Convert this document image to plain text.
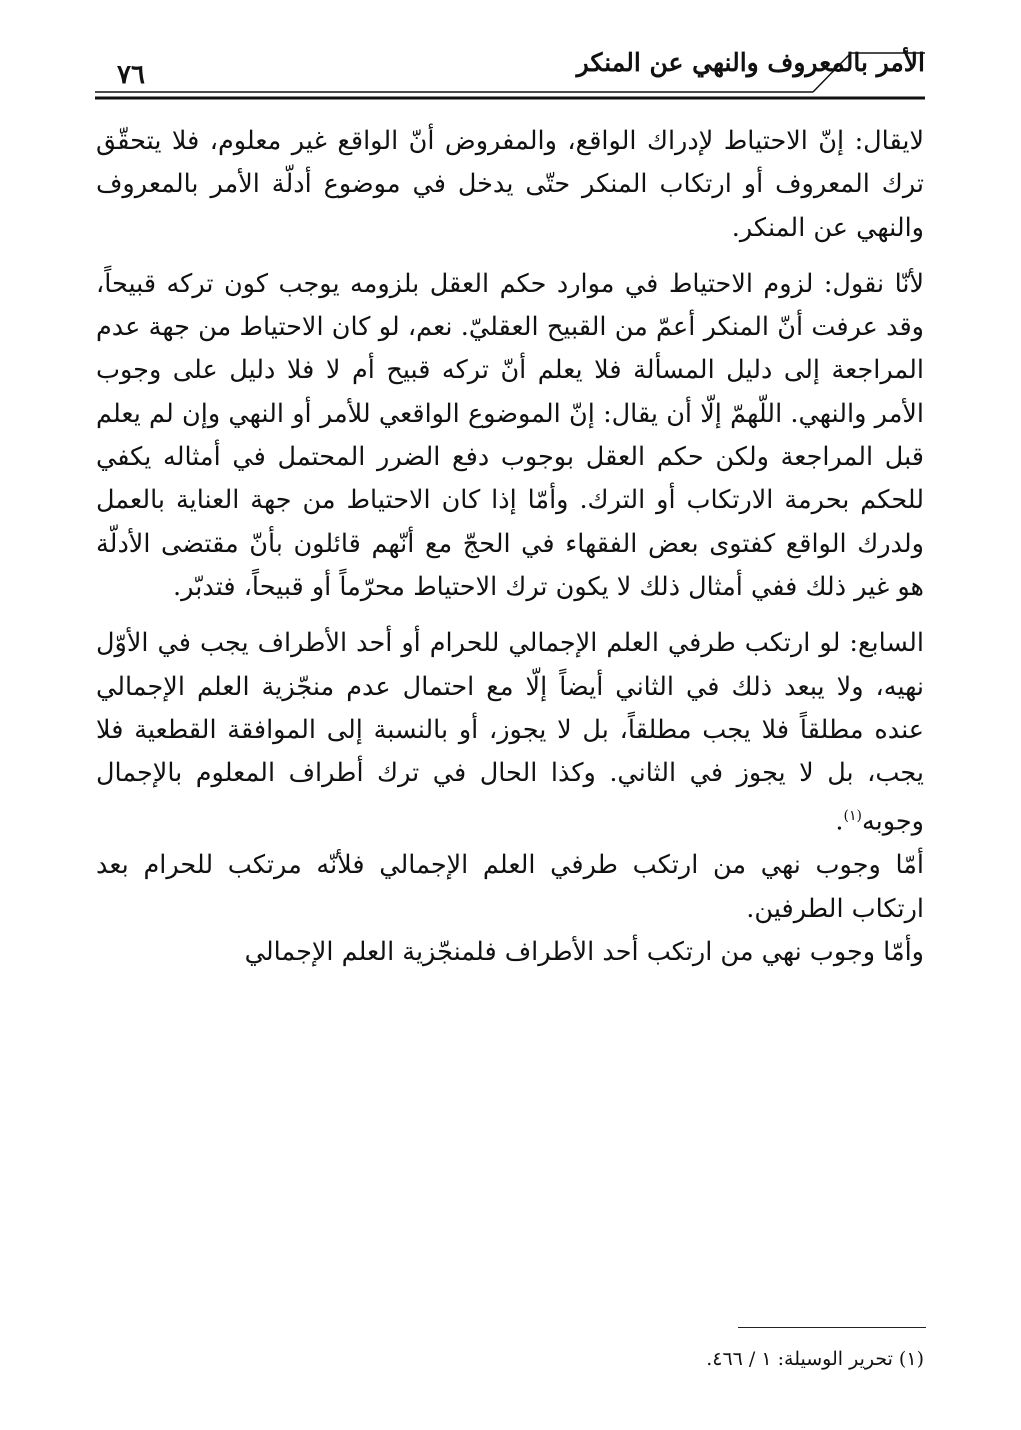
الأمر بالمعروف والنهي عن المنكر
٧٦

لايقال: إنّ الاحتياط لإدراك الواقع، والمفروض أنّ الواقع غير معلوم، فلا يتحقّق ترك المعروف أو ارتكاب المنكر حتّى يدخل في موضوع أدلّة الأمر بالمعروف والنهي عن المنكر.

لأنّا نقول: لزوم الاحتياط في موارد حكم العقل بلزومه يوجب كون تركه قبيحاً، وقد عرفت أنّ المنكر أعمّ من القبيح العقليّ. نعم، لو كان الاحتياط من جهة عدم المراجعة إلى دليل المسألة فلا يعلم أنّ تركه قبيح أم لا فلا دليل على وجوب الأمر والنهي. اللّهمّ إلّا أن يقال: إنّ الموضوع الواقعي للأمر أو النهي وإن لم يعلم قبل المراجعة ولكن حكم العقل بوجوب دفع الضرر المحتمل في أمثاله يكفي للحكم بحرمة الارتكاب أو الترك. وأمّا إذا كان الاحتياط من جهة العناية بالعمل ولدرك الواقع كفتوى بعض الفقهاء في الحجّ مع أنّهم قائلون بأنّ مقتضى الأدلّة هو غير ذلك ففي أمثال ذلك لا يكون ترك الاحتياط محرّماً أو قبيحاً، فتدبّر.

السابع: لو ارتكب طرفي العلم الإجمالي للحرام أو أحد الأطراف يجب في الأوّل نهيه، ولا يبعد ذلك في الثاني أيضاً إلّا مع احتمال عدم منجّزية العلم الإجمالي عنده مطلقاً فلا يجب مطلقاً، بل لا يجوز، أو بالنسبة إلى الموافقة القطعية فلا يجب، بل لا يجوز في الثاني. وكذا الحال في ترك أطراف المعلوم بالإجمال وجوبه$^{(١)}$.

أمّا وجوب نهي من ارتكب طرفي العلم الإجمالي فلأنّه مرتكب للحرام بعد ارتكاب الطرفين.

وأمّا وجوب نهي من ارتكب أحد الأطراف فلمنجّزية العلم الإجمالي

(١) تحرير الوسيلة: ١ / ٤٦٦.
